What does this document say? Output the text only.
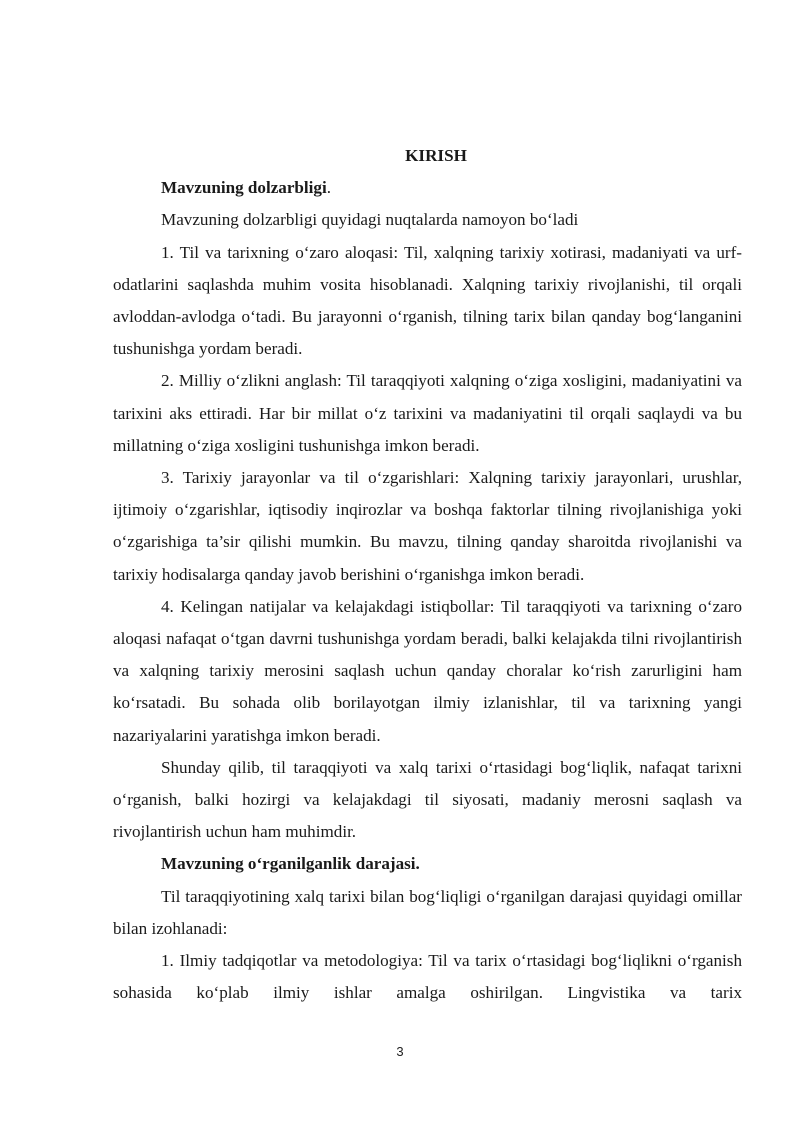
KIRISH

Mavzuning dolzarbligi.

Mavzuning dolzarbligi quyidagi nuqtalarda namoyon bo‘ladi

1. Til va tarixning o‘zaro aloqasi: Til, xalqning tarixiy xotirasi, madaniyati va urf-odatlarini saqlashda muhim vosita hisoblanadi. Xalqning tarixiy rivojlanishi, til orqali avloddan-avlodga o‘tadi. Bu jarayonni o‘rganish, tilning tarix bilan qanday bog‘langanini tushunishga yordam beradi.

2. Milliy o‘zlikni anglash: Til taraqqiyoti xalqning o‘ziga xosligini, madaniyatini va tarixini aks ettiradi. Har bir millat o‘z tarixini va madaniyatini til orqali saqlaydi va bu millatning o‘ziga xosligini tushunishga imkon beradi.

3. Tarixiy jarayonlar va til o‘zgarishlari: Xalqning tarixiy jarayonlari, urushlar, ijtimoiy o‘zgarishlar, iqtisodiy inqirozlar va boshqa faktorlar tilning rivojlanishiga yoki o‘zgarishiga ta’sir qilishi mumkin. Bu mavzu, tilning qanday sharoitda rivojlanishi va tarixiy hodisalarga qanday javob berishini o‘rganishga imkon beradi.

4. Kelingan natijalar va kelajakdagi istiqbollar: Til taraqqiyoti va tarixning o‘zaro aloqasi nafaqat o‘tgan davrni tushunishga yordam beradi, balki kelajakda tilni rivojlantirish va xalqning tarixiy merosini saqlash uchun qanday choralar ko‘rish zarurligini ham ko‘rsatadi. Bu sohada olib borilayotgan ilmiy izlanishlar, til va tarixning yangi nazariyalarini yaratishga imkon beradi.

Shunday qilib, til taraqqiyoti va xalq tarixi o‘rtasidagi bog‘liqlik, nafaqat tarixni o‘rganish, balki hozirgi va kelajakdagi til siyosati, madaniy merosni saqlash va rivojlantirish uchun ham muhimdir.

Mavzuning o‘rganilganlik darajasi.

Til taraqqiyotining xalq tarixi bilan bog‘liqligi o‘rganilgan darajasi quyidagi omillar bilan izohlanadi:

1. Ilmiy tadqiqotlar va metodologiya: Til va tarix o‘rtasidagi bog‘liqlikni o‘rganish sohasida ko‘plab ilmiy ishlar amalga oshirilgan. Lingvistika va tarix

3
